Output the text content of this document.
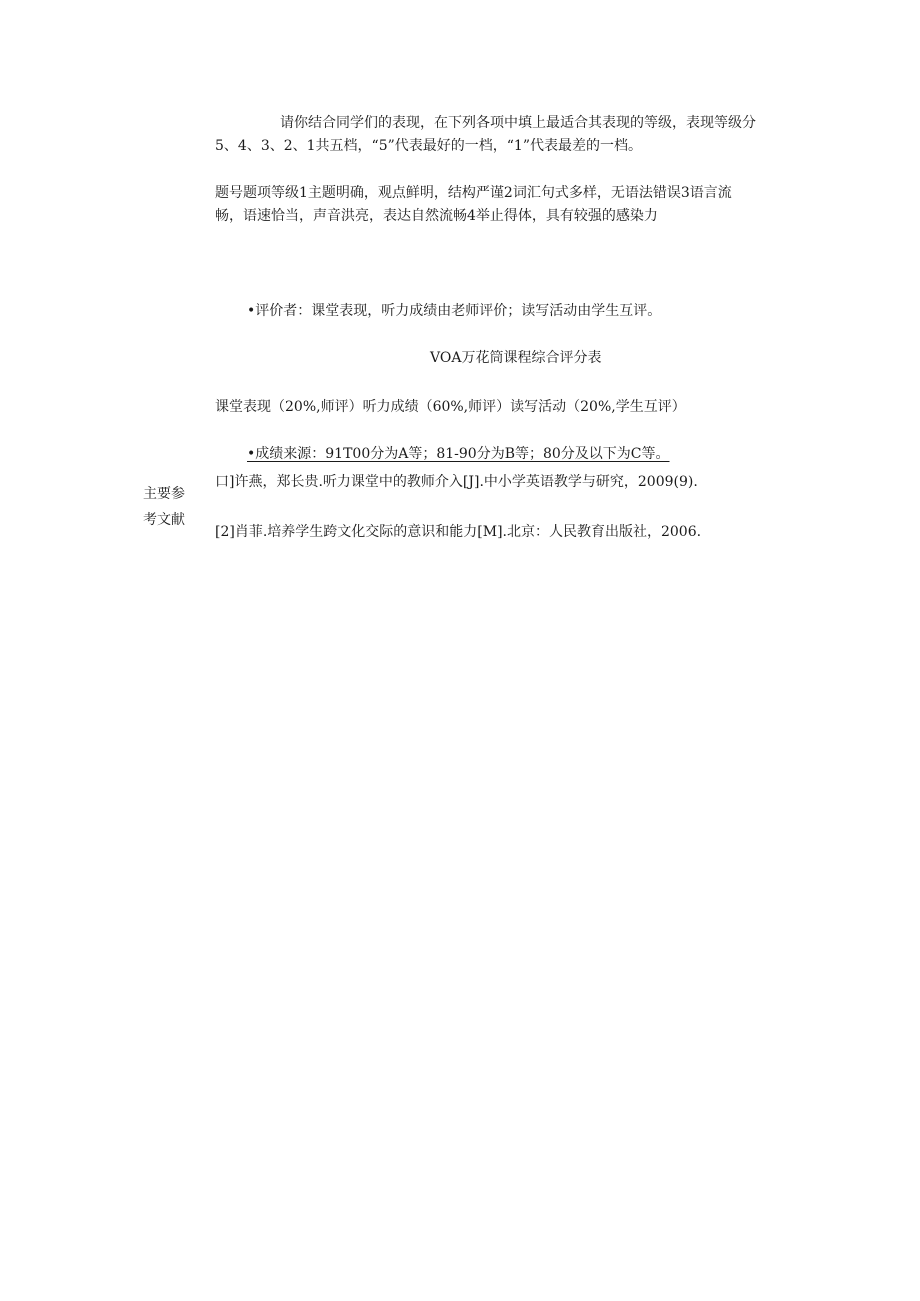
请你结合同学们的表现，在下列各项中填上最适合其表现的等级，表现等级分
5、4、3、2、1共五档，“5”代表最好的一档，“1”代表最差的一档。
题号题项等级1主题明确，观点鲜明，结构严谨2词汇句式多样，无语法错误3语言流
畅，语速恰当，声音洪亮，表达自然流畅4举止得体，具有较强的感染力
•评价者：课堂表现，听力成绩由老师评价；读写活动由学生互评。
VOA万花筒课程综合评分表
课堂表现（20%,师评）听力成绩（60%,师评）读写活动（20%,学生互评）
•成绩来源：91T00分为A等；81-90分为B等；80分及以下为C等。
主要参
考文献
口]许燕，郑长贵.听力课堂中的教师介入[J].中小学英语教学与研究，2009(9).
[2]肖菲.培养学生跨文化交际的意识和能力[M].北京：人民教育出版社，2006.
